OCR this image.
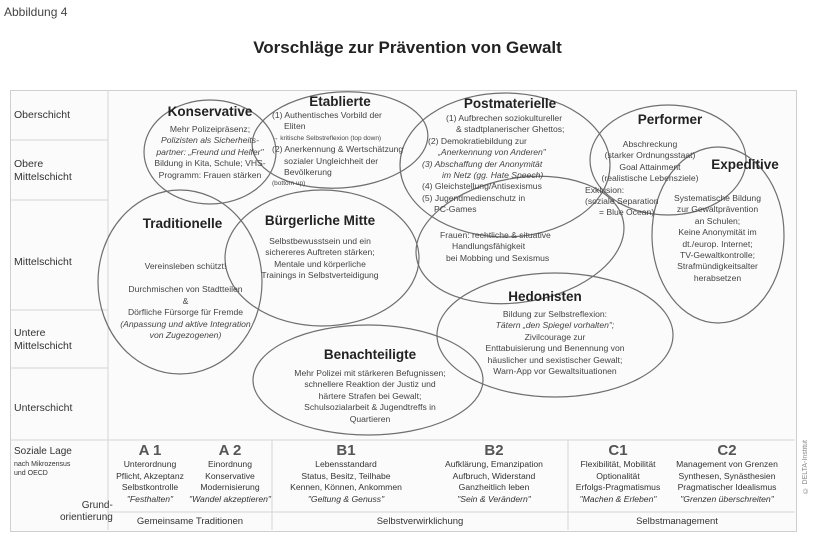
Abbildung 4
Vorschläge zur Prävention von Gewalt
Oberschicht
Obere
Mittelschicht
Mittelschicht
Untere
Mittelschicht
Unterschicht
Soziale Lage
nach Mikrozensus
und OECD
Grund-
orientierung
Konservative
Mehr Polizeipräsenz;
Polizisten als Sicherheits-
partner: „Freund und Helfer"
Bildung in Kita, Schule; VHS-
Programm: Frauen stärken
Etablierte
(1) Authentisches Vorbild der
Eliten
→ kritische Selbstreflexion (top down)
(2) Anerkennung & Wertschätzung
sozialer Ungleichheit der
Bevölkerung
(bottom up)
Postmaterielle
(1) Aufbrechen soziokultureller
& stadtplanerischer Ghettos;
(2) Demokratiebildung zur
„Anerkennung von Anderen"
(3) Abschaffung der Anonymität
im Netz (gg. Hate Speech)
(4) Gleichstellung/Antisexismus
(5) Jugendmedienschutz in
PC-Games
Performer
Abschreckung
(starker Ordnungsstaat)
Goal Attainment
(realistische Lebensziele)
Exklusion:
(soziale Separation
= Blue Ocean)
Expeditive
Systematische Bildung
zur Gewaltprävention
an Schulen;
Keine Anonymität im
dt./europ. Internet;
TV-Gewaltkontrolle;
Strafmündigkeitsalter
herabsetzen
Traditionelle
Vereinsleben schützt!
Durchmischen von Stadtteilen
&
Dörfliche Fürsorge für Fremde
(Anpassung und aktive Integration
von Zugezogenen)
Bürgerliche Mitte
Selbstbewusstsein und ein
sichereres Auftreten stärken;
Mentale und körperliche
Trainings in Selbstverteidigung
Frauen: rechtliche & situative
Handlungsfähigkeit
bei Mobbing und Sexismus
Hedonisten
Bildung zur Selbstreflexion:
Tätern „den Spiegel vorhalten";
Zivilcourage zur
Enttabuisierung und Benennung von
häuslicher und sexistischer Gewalt;
Warn-App vor Gewaltsituationen
Benachteiligte
Mehr Polizei mit stärkeren Befugnissen;
schnellere Reaktion der Justiz und
härtere Strafen bei Gewalt;
Schulsozialarbeit & Jugendtreffs in
Quartieren
A 1
Unterordnung
Pflicht, Akzeptanz
Selbstkontrolle
"Festhalten"
A 2
Einordnung
Konservative
Modernisierung
"Wandel akzeptieren"
B1
Lebensstandard
Status, Besitz, Teilhabe
Kennen, Können, Ankommen
"Geltung & Genuss"
B2
Aufklärung, Emanzipation
Aufbruch, Widerstand
Ganzheitlich leben
"Sein & Verändern"
C1
Flexibilität, Mobilität
Optionalität
Erfolgs-Pragmatismus
"Machen & Erleben"
C2
Management von Grenzen
Synthesen, Synästhesien
Pragmatischer Idealismus
"Grenzen überschreiten"
Gemeinsame Traditionen	Selbstverwirklichung	Selbstmanagement
© DELTA-Institut
